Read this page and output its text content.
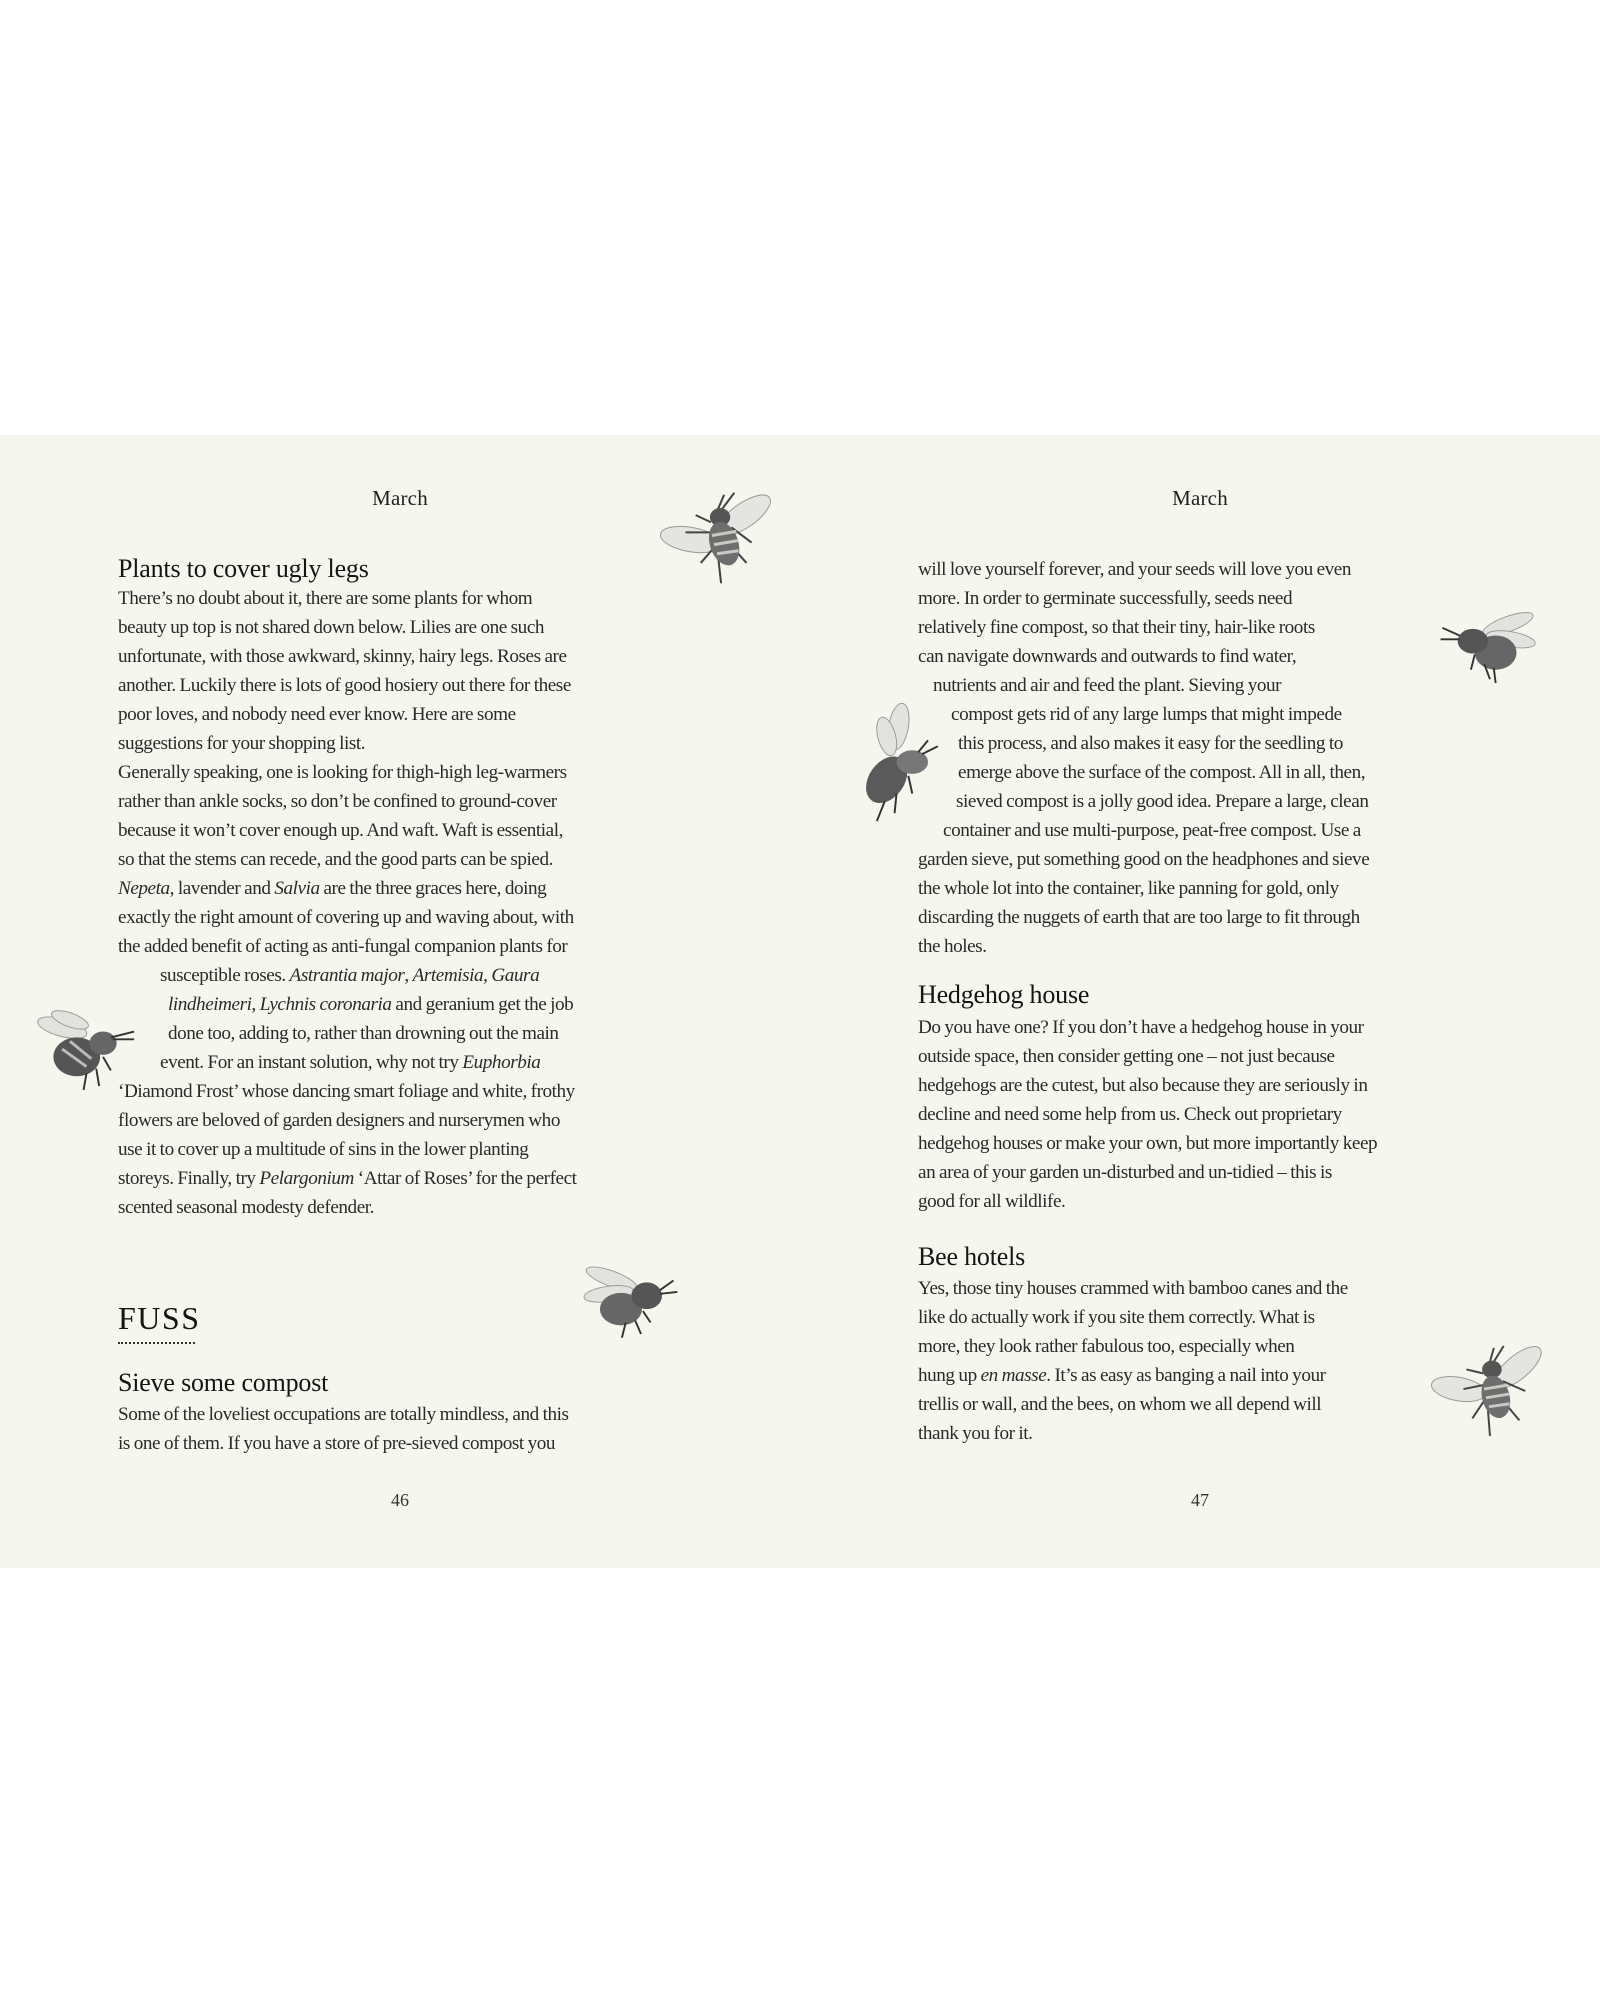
March
Plants to cover ugly legs
There’s no doubt about it, there are some plants for whom
beauty up top is not shared down below. Lilies are one such
unfortunate, with those awkward, skinny, hairy legs. Roses are
another. Luckily there is lots of good hosiery out there for these
poor loves, and nobody need ever know. Here are some
suggestions for your shopping list.
Generally speaking, one is looking for thigh-high leg-warmers
rather than ankle socks, so don’t be confined to ground-cover
because it won’t cover enough up. And waft. Waft is essential,
so that the stems can recede, and the good parts can be spied.
Nepeta, lavender and Salvia are the three graces here, doing
exactly the right amount of covering up and waving about, with
the added benefit of acting as anti-fungal companion plants for
susceptible roses. Astrantia major, Artemisia, Gaura
lindheimeri, Lychnis coronaria and geranium get the job
done too, adding to, rather than drowning out the main
event. For an instant solution, why not try Euphorbia
‘Diamond Frost’ whose dancing smart foliage and white, frothy
flowers are beloved of garden designers and nurserymen who
use it to cover up a multitude of sins in the lower planting
storeys. Finally, try Pelargonium ‘Attar of Roses’ for the perfect
scented seasonal modesty defender.
FUSS
Sieve some compost
Some of the loveliest occupations are totally mindless, and this
is one of them. If you have a store of pre-sieved compost you
46
March
will love yourself forever, and your seeds will love you even
more. In order to germinate successfully, seeds need
relatively fine compost, so that their tiny, hair-like roots
can navigate downwards and outwards to find water,
nutrients and air and feed the plant. Sieving your
compost gets rid of any large lumps that might impede
this process, and also makes it easy for the seedling to
emerge above the surface of the compost. All in all, then,
sieved compost is a jolly good idea. Prepare a large, clean
container and use multi-purpose, peat-free compost. Use a
garden sieve, put something good on the headphones and sieve
the whole lot into the container, like panning for gold, only
discarding the nuggets of earth that are too large to fit through
the holes.
Hedgehog house
Do you have one? If you don’t have a hedgehog house in your
outside space, then consider getting one – not just because
hedgehogs are the cutest, but also because they are seriously in
decline and need some help from us. Check out proprietary
hedgehog houses or make your own, but more importantly keep
an area of your garden un-disturbed and un-tidied – this is
good for all wildlife.
Bee hotels
Yes, those tiny houses crammed with bamboo canes and the
like do actually work if you site them correctly. What is
more, they look rather fabulous too, especially when
hung up en masse. It’s as easy as banging a nail into your
trellis or wall, and the bees, on whom we all depend will
thank you for it.
47
